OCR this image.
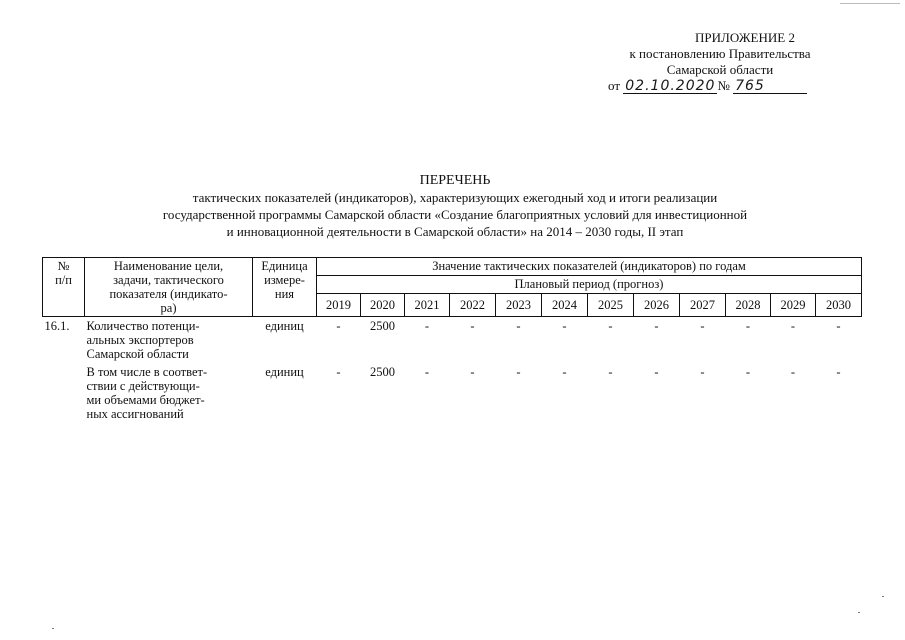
ПРИЛОЖЕНИЕ 2
к постановлению Правительства
Самарской области
от 02.10.2020 № 765
ПЕРЕЧЕНЬ
тактических показателей (индикаторов), характеризующих ежегодный ход и итоги реализации
государственной программы Самарской области «Создание благоприятных условий для инвестиционной
и инновационной деятельности в Самарской области» на 2014 – 2030 годы, II этап
№
п/п	Наименование цели,
задачи, тактического
показателя (индикато-
ра)	Единица
измере-
ния	Значение тактических показателей (индикаторов) по годам											
			Плановый период (прогноз)											
			2019	2020	2021	2022	2023	2024	2025	2026	2027	2028	2029	2030
16.1.	Количество потенци-
альных экспортеров
Самарской области	единиц	-	2500	-	-	-	-	-	-	-	-	-	-
	В том числе в соответ-
ствии с действующи-
ми объемами бюджет-
ных ассигнований	единиц	-	2500	-	-	-	-	-	-	-	-	-	-
